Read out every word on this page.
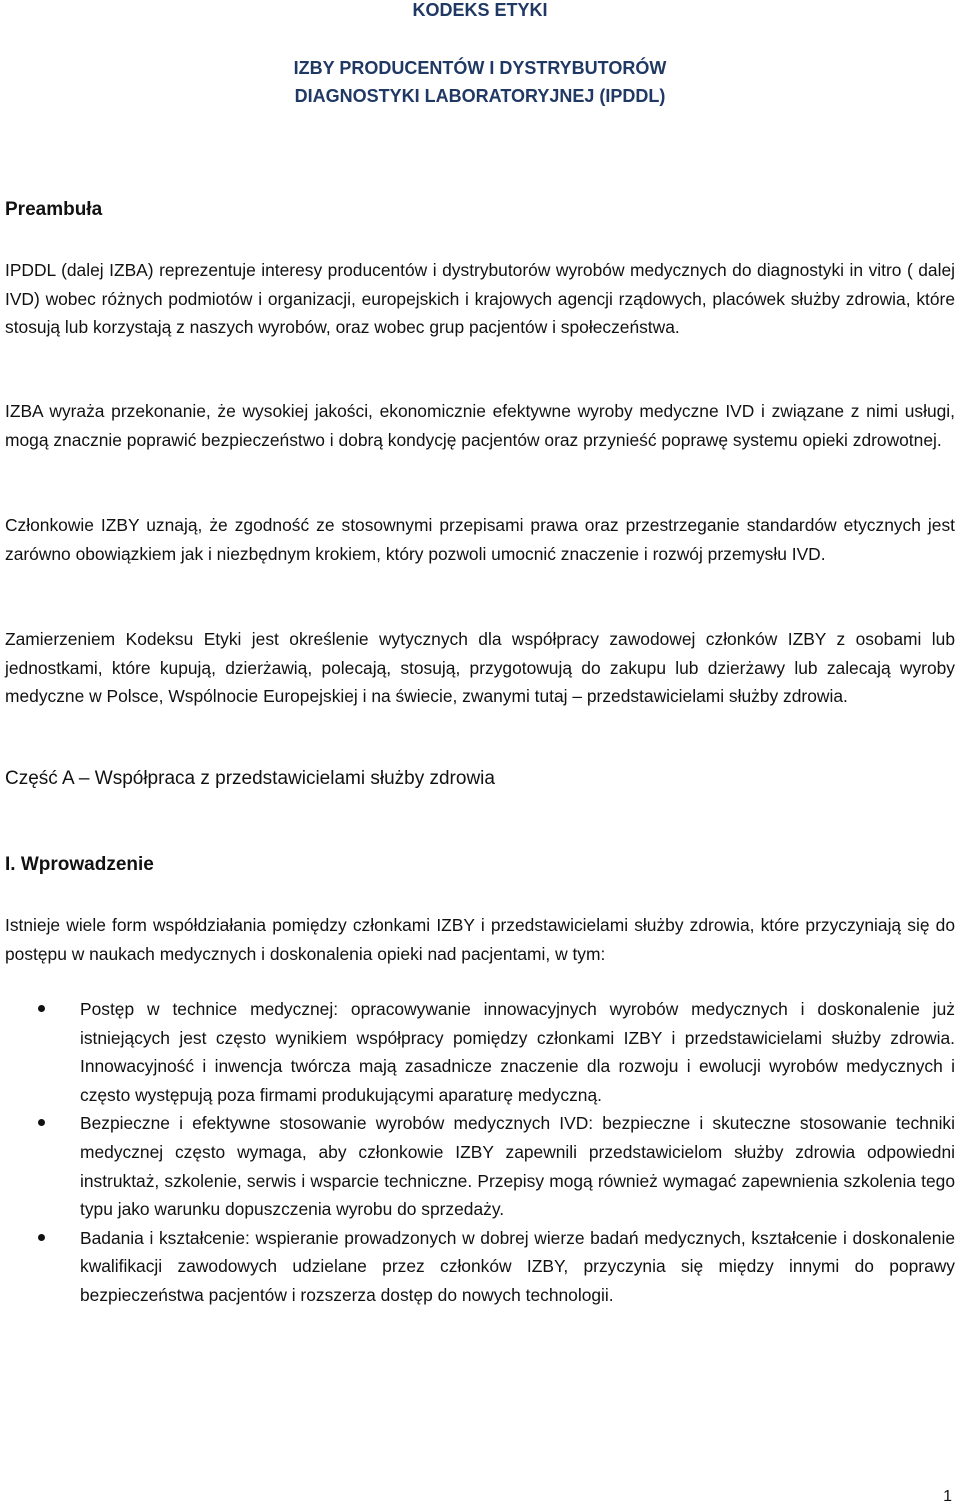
KODEKS ETYKI
IZBY PRODUCENTÓW I DYSTRYBUTORÓW
DIAGNOSTYKI LABORATORYJNEJ (IPDDL)
Preambuła
IPDDL (dalej IZBA) reprezentuje interesy producentów i dystrybutorów wyrobów medycznych do diagnostyki in vitro ( dalej IVD) wobec różnych podmiotów i organizacji, europejskich i krajowych agencji rządowych, placówek służby zdrowia, które stosują lub korzystają z naszych wyrobów, oraz wobec grup pacjentów i społeczeństwa.
IZBA wyraża przekonanie, że wysokiej jakości, ekonomicznie efektywne wyroby medyczne IVD i związane z nimi usługi, mogą znacznie poprawić bezpieczeństwo i dobrą kondycję pacjentów oraz przynieść poprawę systemu opieki zdrowotnej.
Członkowie IZBY uznają, że zgodność ze stosownymi przepisami prawa oraz przestrzeganie standardów etycznych jest zarówno obowiązkiem jak i niezbędnym krokiem, który pozwoli umocnić znaczenie i rozwój przemysłu IVD.
Zamierzeniem Kodeksu Etyki jest określenie wytycznych dla współpracy zawodowej członków IZBY z osobami lub jednostkami, które kupują, dzierżawią, polecają, stosują, przygotowują do zakupu lub dzierżawy lub zalecają wyroby medyczne w Polsce, Wspólnocie Europejskiej i na świecie, zwanymi tutaj – przedstawicielami służby zdrowia.
Część A – Współpraca z przedstawicielami służby zdrowia
I. Wprowadzenie
Istnieje wiele form współdziałania pomiędzy członkami IZBY i przedstawicielami służby zdrowia, które przyczyniają się do postępu w naukach medycznych i doskonalenia opieki nad pacjentami, w tym:
Postęp w technice medycznej: opracowywanie innowacyjnych wyrobów medycznych i doskonalenie już istniejących jest często wynikiem współpracy pomiędzy członkami IZBY i przedstawicielami służby zdrowia. Innowacyjność i inwencja twórcza mają zasadnicze znaczenie dla rozwoju i ewolucji wyrobów medycznych i często występują poza firmami produkującymi aparaturę medyczną.
Bezpieczne i efektywne stosowanie wyrobów medycznych IVD: bezpieczne i skuteczne stosowanie techniki medycznej często wymaga, aby członkowie IZBY zapewnili przedstawicielom służby zdrowia odpowiedni instruktaż, szkolenie, serwis i wsparcie techniczne. Przepisy mogą również wymagać zapewnienia szkolenia tego typu jako warunku dopuszczenia wyrobu do sprzedaży.
Badania i kształcenie: wspieranie prowadzonych w dobrej wierze badań medycznych, kształcenie i doskonalenie kwalifikacji zawodowych udzielane przez członków IZBY, przyczynia się między innymi do poprawy bezpieczeństwa pacjentów i rozszerza dostęp do nowych technologii.
1
